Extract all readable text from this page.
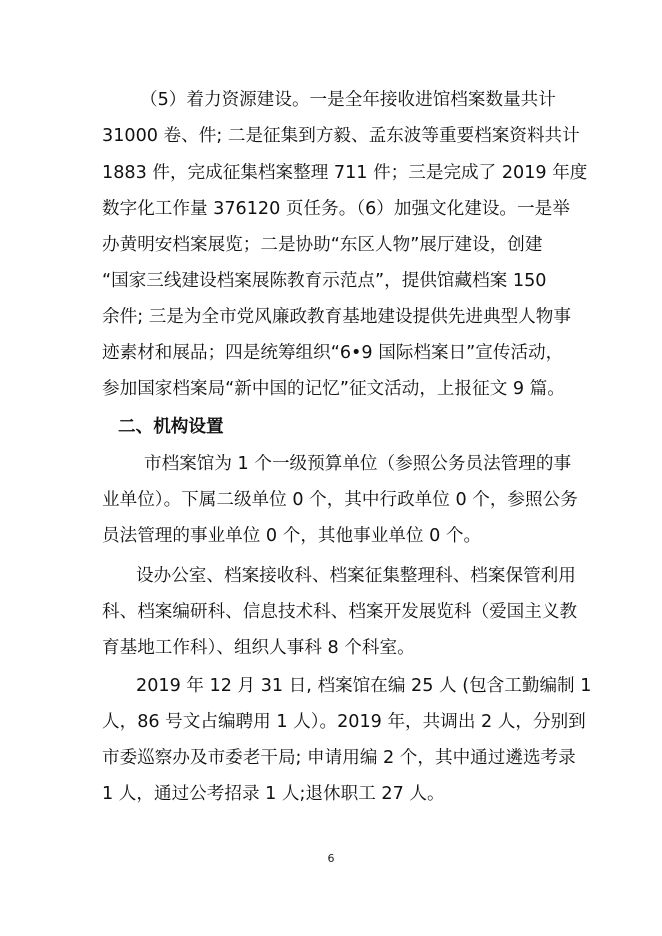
（5）着力资源建设。一是全年接收进馆档案数量共计
31000 卷、件; 二是征集到方毅、孟东波等重要档案资料共计
1883 件，完成征集档案整理 711 件；三是完成了 2019 年度
数字化工作量 376120 页任务。（6）加强文化建设。一是举
办黄明安档案展览；二是协助“东区人物”展厅建设，创建
“国家三线建设档案展陈教育示范点”，提供馆藏档案 150
余件; 三是为全市党风廉政教育基地建设提供先进典型人物事
迹素材和展品；四是统筹组织“6•9 国际档案日”宣传活动，
参加国家档案局“新中国的记忆”征文活动，上报征文 9 篇。
二、机构设置
市档案馆为 1 个一级预算单位（参照公务员法管理的事
业单位）。下属二级单位 0 个，其中行政单位 0 个，参照公务
员法管理的事业单位 0 个，其他事业单位 0 个。
设办公室、档案接收科、档案征集整理科、档案保管利用
科、档案编研科、信息技术科、档案开发展览科（爱国主义教
育基地工作科）、组织人事科 8 个科室。
2019 年 12 月 31 日, 档案馆在编 25 人 (包含工勤编制 1
人，86 号文占编聘用 1 人）。2019 年，共调出 2 人，分别到
市委巡察办及市委老干局; 申请用编 2 个，其中通过遴选考录
1 人，通过公考招录 1 人;退休职工 27 人。
6
